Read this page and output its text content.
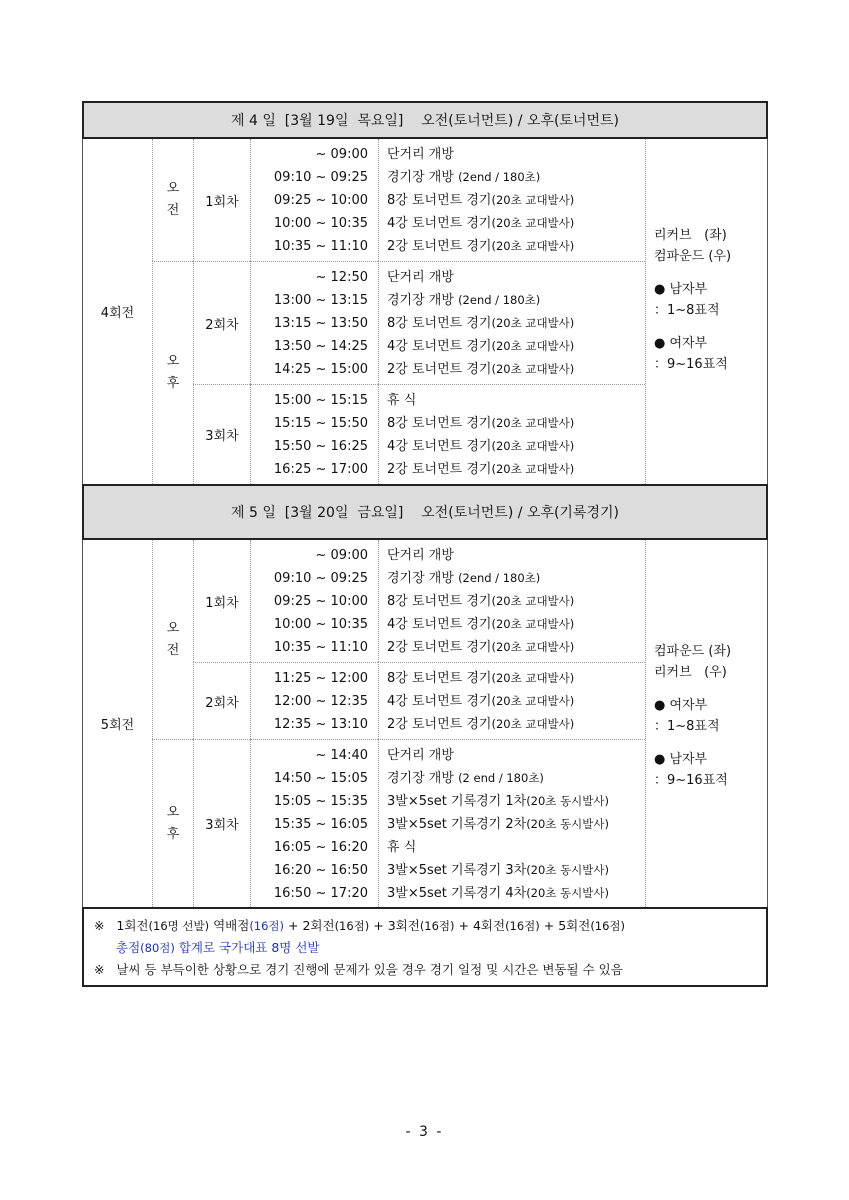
제 4 일
[3월 19일  목요일]
오전(토너먼트) / 오후(토너먼트)
4회전
오
전
오
후
1회차
~ 09:00
09:10 ~ 09:25
09:25 ~ 10:00
10:00 ~ 10:35
10:35 ~ 11:10
단거리 개방
경기장 개방 (2end / 180초)
8강 토너먼트 경기(20초 교대발사)
4강 토너먼트 경기(20초 교대발사)
2강 토너먼트 경기(20초 교대발사)
2회차
~ 12:50
13:00 ~ 13:15
13:15 ~ 13:50
13:50 ~ 14:25
14:25 ~ 15:00
단거리 개방
경기장 개방 (2end / 180초)
8강 토너먼트 경기(20초 교대발사)
4강 토너먼트 경기(20초 교대발사)
2강 토너먼트 경기(20초 교대발사)
3회차
15:00 ~ 15:15
15:15 ~ 15:50
15:50 ~ 16:25
16:25 ~ 17:00
휴 식
8강 토너먼트 경기(20초 교대발사)
4강 토너먼트 경기(20초 교대발사)
2강 토너먼트 경기(20초 교대발사)
리커브   (좌)
컴파운드 (우)
● 남자부
：1~8표적
● 여자부
：9~16표적
제 5 일
[3월 20일  금요일]
오전(토너먼트) / 오후(기록경기)
5회전
오
전
오
후
1회차
~ 09:00
09:10 ~ 09:25
09:25 ~ 10:00
10:00 ~ 10:35
10:35 ~ 11:10
단거리 개방
경기장 개방 (2end / 180초)
8강 토너먼트 경기(20초 교대발사)
4강 토너먼트 경기(20초 교대발사)
2강 토너먼트 경기(20초 교대발사)
2회차
11:25 ~ 12:00
12:00 ~ 12:35
12:35 ~ 13:10
8강 토너먼트 경기(20초 교대발사)
4강 토너먼트 경기(20초 교대발사)
2강 토너먼트 경기(20초 교대발사)
3회차
~ 14:40
14:50 ~ 15:05
15:05 ~ 15:35
15:35 ~ 16:05
16:05 ~ 16:20
16:20 ~ 16:50
16:50 ~ 17:20
단거리 개방
경기장 개방 (2 end / 180초)
3발×5set 기록경기 1차(20초 동시발사)
3발×5set 기록경기 2차(20초 동시발사)
휴 식
3발×5set 기록경기 3차(20초 동시발사)
3발×5set 기록경기 4차(20초 동시발사)
컴파운드 (좌)
리커브   (우)
● 여자부
：1~8표적
● 남자부
：9~16표적
※ 1회전(16명 선발) 역배점(16점) + 2회전(16점) + 3회전(16점) + 4회전(16점) + 5회전(16점)
총점(80점) 합계로 국가대표 8명 선발
※ 날씨 등 부득이한 상황으로 경기 진행에 문제가 있을 경우 경기 일정 및 시간은 변동될 수 있음
- 3 -
